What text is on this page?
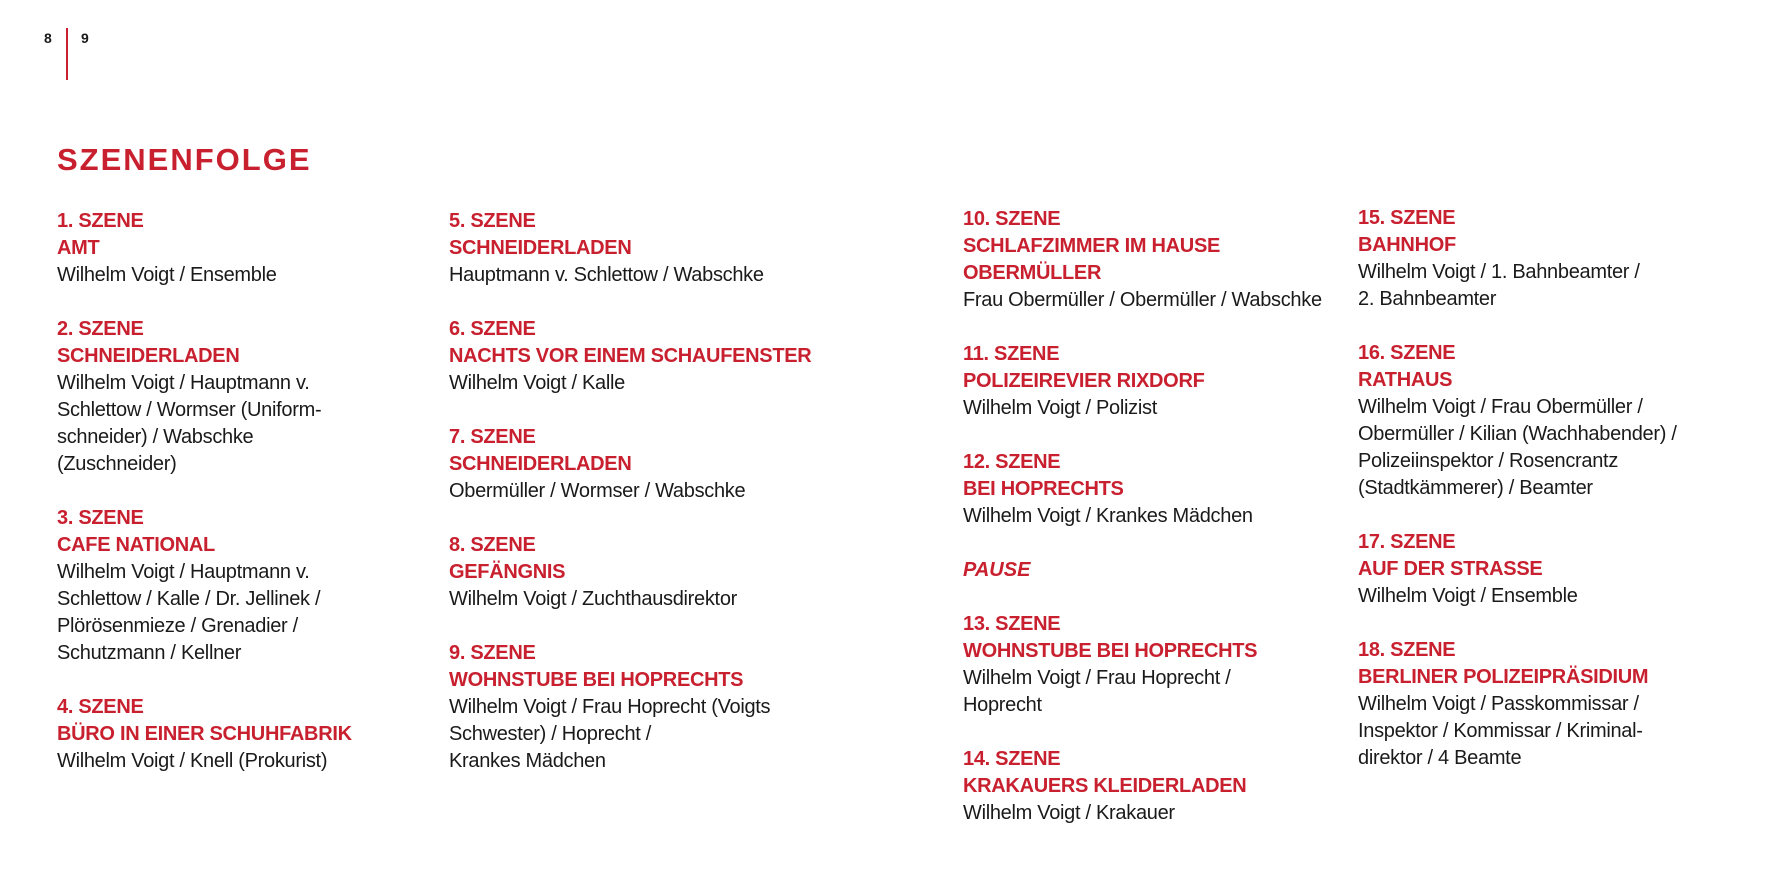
8 9
SZENENFOLGE
1. SZENE
AMT
Wilhelm Voigt / Ensemble
2. SZENE
SCHNEIDERLADEN
Wilhelm Voigt / Hauptmann v.
Schlettow / Wormser (Uniform-
schneider) / Wabschke
(Zuschneider)
3. SZENE
CAFE NATIONAL
Wilhelm Voigt / Hauptmann v.
Schlettow / Kalle / Dr. Jellinek /
Plörösenmieze / Grenadier /
Schutzmann / Kellner
4. SZENE
BÜRO IN EINER SCHUHFABRIK
Wilhelm Voigt / Knell (Prokurist)
5. SZENE
SCHNEIDERLADEN
Hauptmann v. Schlettow / Wabschke
6. SZENE
NACHTS VOR EINEM SCHAUFENSTER
Wilhelm Voigt / Kalle
7. SZENE
SCHNEIDERLADEN
Obermüller / Wormser / Wabschke
8. SZENE
GEFÄNGNIS
Wilhelm Voigt / Zuchthausdirektor
9. SZENE
WOHNSTUBE BEI HOPRECHTS
Wilhelm Voigt / Frau Hoprecht (Voigts
Schwester) / Hoprecht /
Krankes Mädchen
10. SZENE
SCHLAFZIMMER IM HAUSE
OBERMÜLLER
Frau Obermüller / Obermüller / Wabschke
11. SZENE
POLIZEIREVIER RIXDORF
Wilhelm Voigt / Polizist
12. SZENE
BEI HOPRECHTS
Wilhelm Voigt / Krankes Mädchen
PAUSE
13. SZENE
WOHNSTUBE BEI HOPRECHTS
Wilhelm Voigt / Frau Hoprecht /
Hoprecht
14. SZENE
KRAKAUERS KLEIDERLADEN
Wilhelm Voigt / Krakauer
15. SZENE
BAHNHOF
Wilhelm Voigt / 1. Bahnbeamter /
2. Bahnbeamter
16. SZENE
RATHAUS
Wilhelm Voigt / Frau Obermüller /
Obermüller / Kilian (Wachhabender) /
Polizeiinspektor / Rosencrantz
(Stadtkämmerer) / Beamter
17. SZENE
AUF DER STRASSE
Wilhelm Voigt / Ensemble
18. SZENE
BERLINER POLIZEIPRÄSIDIUM
Wilhelm Voigt / Passkommissar /
Inspektor / Kommissar / Kriminal-
direktor / 4 Beamte
